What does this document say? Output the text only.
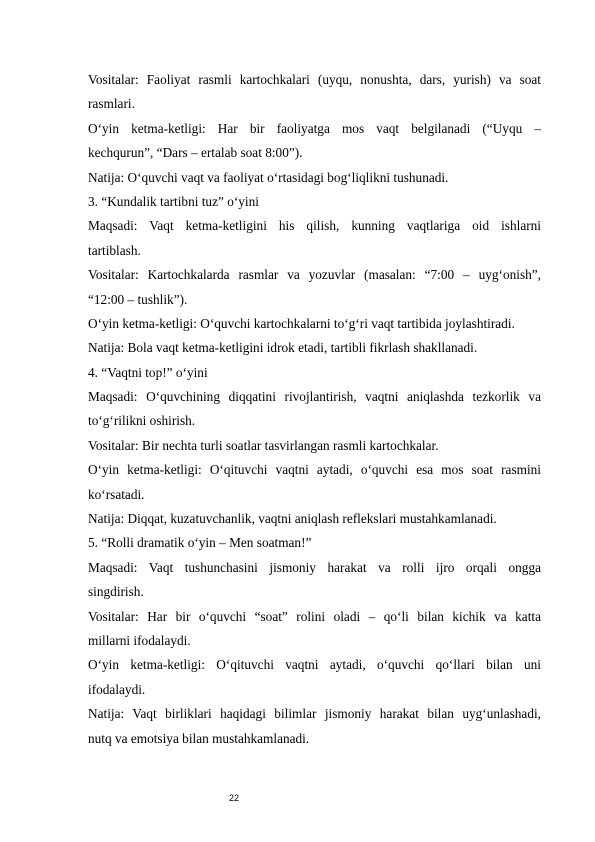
Vositalar: Faoliyat rasmli kartochkalari (uyqu, nonushta, dars, yurish) va soat
rasmlari.
O‘yin ketma-ketligi: Har bir faoliyatga mos vaqt belgilanadi (“Uyqu –
kechqurun”, “Dars – ertalab soat 8:00”).
Natija: O‘quvchi vaqt va faoliyat o‘rtasidagi bog‘liqlikni tushunadi.
3. “Kundalik tartibni tuz” o‘yini
Maqsadi: Vaqt ketma-ketligini his qilish, kunning vaqtlariga oid ishlarni
tartiblash.
Vositalar: Kartochkalarda rasmlar va yozuvlar (masalan: “7:00 – uyg‘onish”,
“12:00 – tushlik”).
O‘yin ketma-ketligi: O‘quvchi kartochkalarni to‘g‘ri vaqt tartibida joylashtiradi.
Natija: Bola vaqt ketma-ketligini idrok etadi, tartibli fikrlash shakllanadi.
4. “Vaqtni top!” o‘yini
Maqsadi: O‘quvchining diqqatini rivojlantirish, vaqtni aniqlashda tezkorlik va
to‘g‘rilikni oshirish.
Vositalar: Bir nechta turli soatlar tasvirlangan rasmli kartochkalar.
O‘yin ketma-ketligi: O‘qituvchi vaqtni aytadi, o‘quvchi esa mos soat rasmini
ko‘rsatadi.
Natija: Diqqat, kuzatuvchanlik, vaqtni aniqlash reflekslari mustahkamlanadi.
5. “Rolli dramatik o‘yin – Men soatman!”
Maqsadi: Vaqt tushunchasini jismoniy harakat va rolli ijro orqali ongga
singdirish.
Vositalar: Har bir o‘quvchi “soat” rolini oladi – qo‘li bilan kichik va katta
millarni ifodalaydi.
O‘yin ketma-ketligi: O‘qituvchi vaqtni aytadi, o‘quvchi qo‘llari bilan uni
ifodalaydi.
Natija: Vaqt birliklari haqidagi bilimlar jismoniy harakat bilan uyg‘unlashadi,
nutq va emotsiya bilan mustahkamlanadi.
22
